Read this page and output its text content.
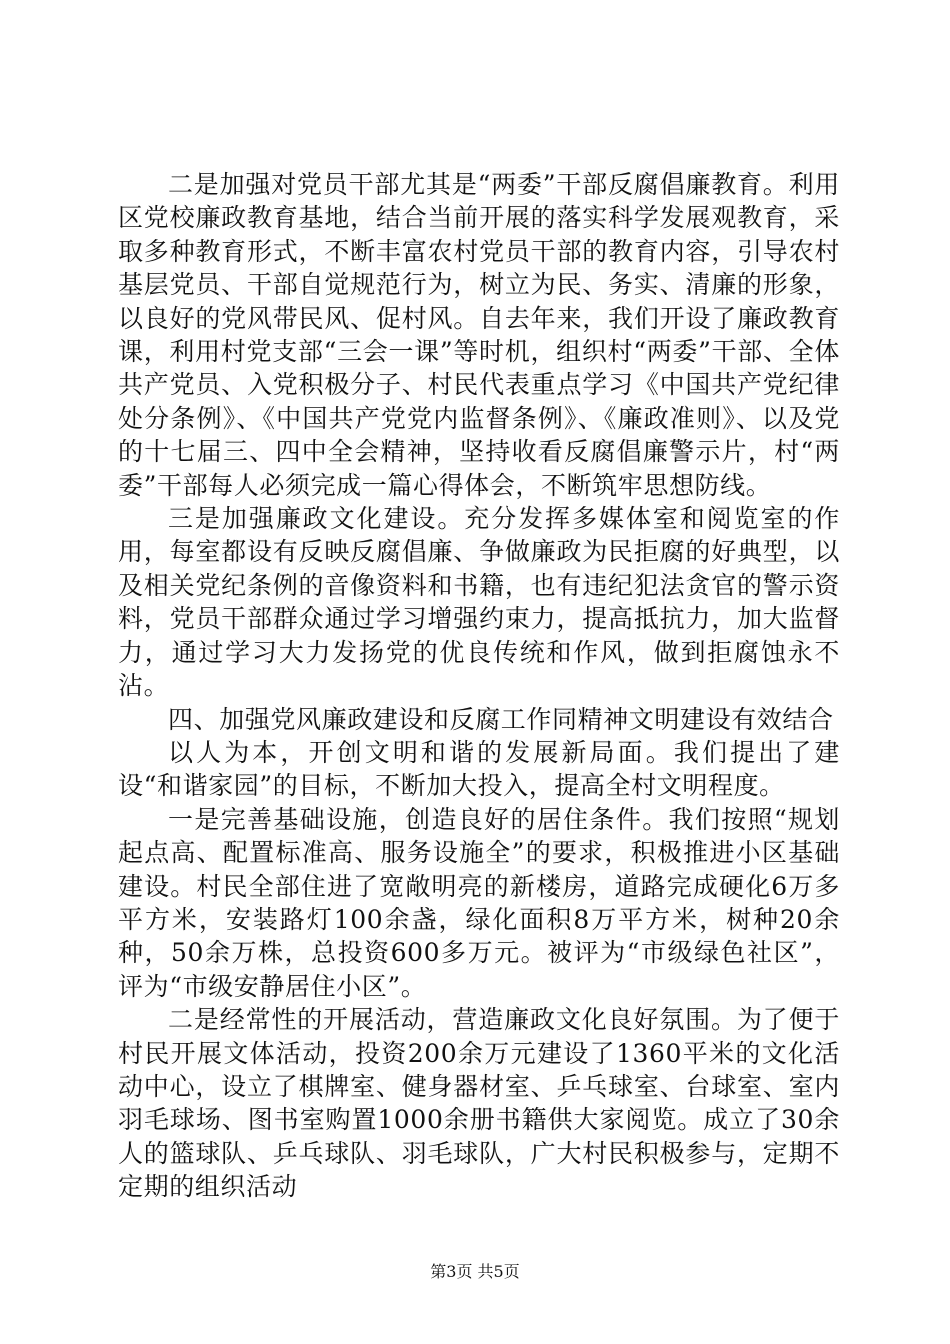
二是加强对党员干部尤其是“两委”干部反腐倡廉教育。利用区党校廉政教育基地，结合当前开展的落实科学发展观教育，采取多种教育形式，不断丰富农村党员干部的教育内容，引导农村基层党员、干部自觉规范行为，树立为民、务实、清廉的形象，以良好的党风带民风、促村风。自去年来，我们开设了廉政教育课，利用村党支部“三会一课”等时机，组织村“两委”干部、全体共产党员、入党积极分子、村民代表重点学习《中国共产党纪律处分条例》、《中国共产党党内监督条例》、《廉政准则》、以及党的十七届三、四中全会精神，坚持收看反腐倡廉警示片，村“两委”干部每人必须完成一篇心得体会，不断筑牢思想防线。

三是加强廉政文化建设。充分发挥多媒体室和阅览室的作用，每室都设有反映反腐倡廉、争做廉政为民拒腐的好典型，以及相关党纪条例的音像资料和书籍，也有违纪犯法贪官的警示资料，党员干部群众通过学习增强约束力，提高抵抗力，加大监督力，通过学习大力发扬党的优良传统和作风，做到拒腐蚀永不沾。

四、加强党风廉政建设和反腐工作同精神文明建设有效结合

以人为本，开创文明和谐的发展新局面。我们提出了建设“和谐家园”的目标，不断加大投入，提高全村文明程度。

一是完善基础设施，创造良好的居住条件。我们按照“规划起点高、配置标准高、服务设施全”的要求，积极推进小区基础建设。村民全部住进了宽敞明亮的新楼房，道路完成硬化6万多平方米，安装路灯100余盏，绿化面积8万平方米，树种20余种，50余万株，总投资600多万元。被评为“市级绿色社区”，评为“市级安静居住小区”。

二是经常性的开展活动，营造廉政文化良好氛围。为了便于村民开展文体活动，投资200余万元建设了1360平米的文化活动中心，设立了棋牌室、健身器材室、乒乓球室、台球室、室内羽毛球场、图书室购置1000余册书籍供大家阅览。成立了30余人的篮球队、乒乓球队、羽毛球队，广大村民积极参与，定期不定期的组织活动

第3页 共5页
